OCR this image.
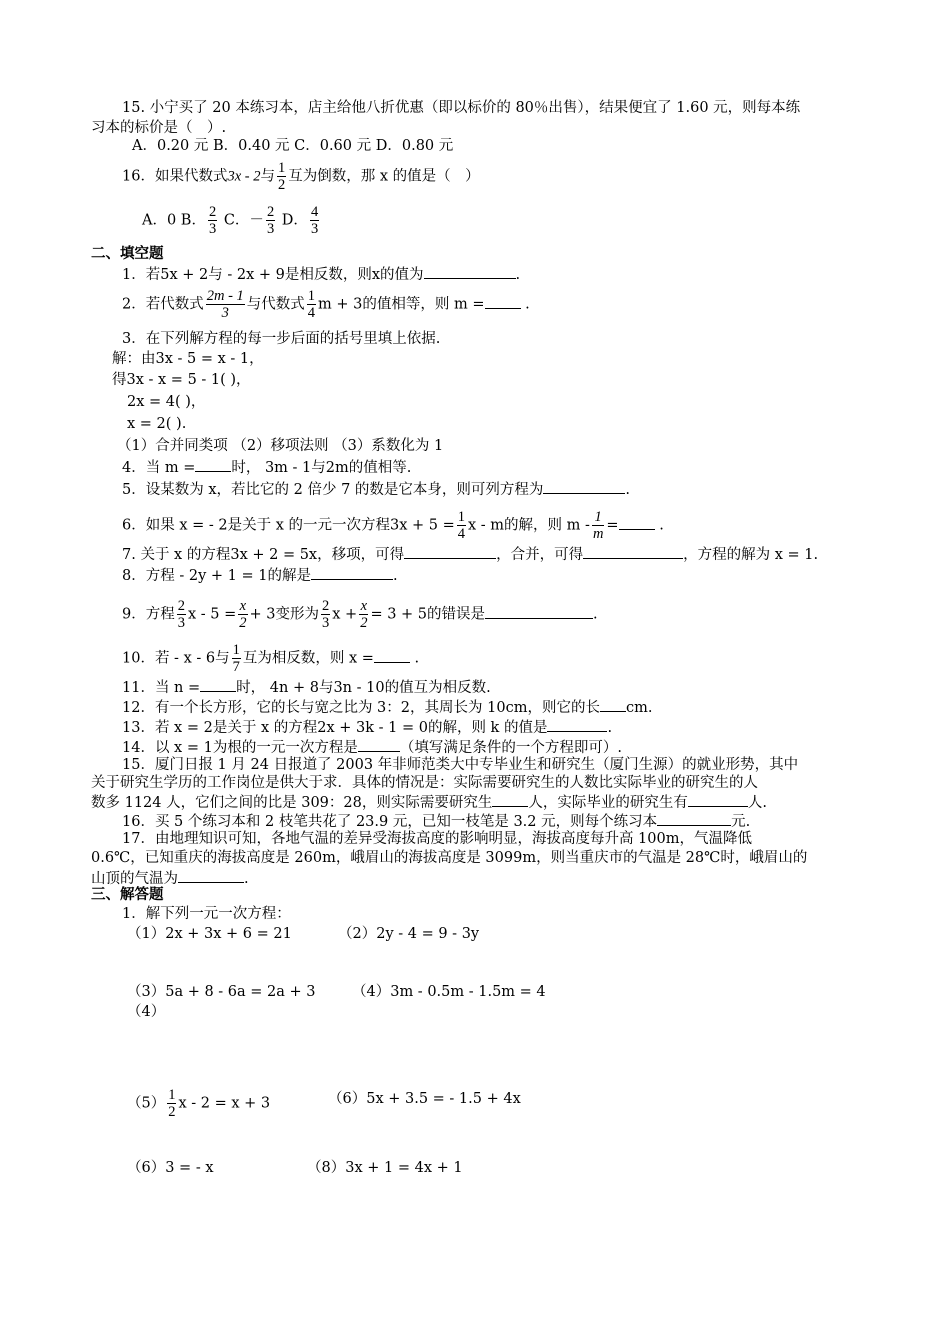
15. 小宁买了 20 本练习本，店主给他八折优惠（即以标价的 80％出售），结果便宜了 1.60 元，则每本练
习本的标价是（　）.
A．0.20 元 B．0.40 元 C．0.60 元 D．0.80 元
16．如果代数式3x - 2与 $\frac{1}{2}$ 互为倒数，那 x 的值是（　）
A．0 B． $\frac{2}{3}$ C．－ $\frac{2}{3}$ D． $\frac{4}{3}$
二、填空题
1．若5x + 2与 - 2x + 9是相反数，则x的值为	.
2．若代数式 $\frac{2m - 1}{3}$ 与代数式 $\frac{1}{4}$ m + 3的值相等，则 m =	.
3．在下列解方程的每一步后面的括号里填上依据.
解：由3x - 5 = x - 1，
得3x - x = 5 - 1( )，
2x = 4( )，
x = 2( ).
（1）合并同类项 （2）移项法则 （3）系数化为 1
4．当 m = 时， 3m - 1与2m的值相等.
5．设某数为 x，若比它的 2 倍少 7 的数是它本身，则可列方程为	.
6．如果 x = - 2是关于 x 的一元一次方程$3x + 5 = \frac{1}{4}$ x - m的解，则 m - $\frac{1}{m}$ =	.
7. 关于 x 的方程3x + 2 = 5x，移项，可得	，合并，可得	，方程的解为 x = 1.
8．方程 - 2y + 1 = 1的解是	.
9．方程 $\frac{2}{3}$ $x - 5 = \frac{x}{2} + 3$变形为 $\frac{2}{3}$ $x + \frac{x}{2} = 3 + 5$的错误是	.
10．若 - x - 6与 $\frac{1}{7}$ 互为相反数，则 x =	.
11．当 n = 时， 4n + 8与3n - 10的值互为相反数.
12．有一个长方形，它的长与宽之比为 3：2，其周长为 10cm，则它的长 cm.
13．若 x = 2是关于 x 的方程2x + 3k - 1 = 0的解，则 k 的值是	.
14．以 x = 1为根的一元一次方程是	（填写满足条件的一个方程即可）.
15．厦门日报 1 月 24 日报道了 2003 年非师范类大中专毕业生和研究生（厦门生源）的就业形势，其中
关于研究生学历的工作岗位是供大于求．具体的情况是：实际需要研究生的人数比实际毕业的研究生的人
数多 1124 人，它们之间的比是 309：28，则实际需要研究生 人，实际毕业的研究生有	人.
16．买 5 个练习本和 2 枝笔共花了 23.9 元，已知一枝笔是 3.2 元，则每个练习本	元.
17．由地理知识可知，各地气温的差异受海拔高度的影响明显，海拔高度每升高 100m，气温降低
0.6℃，已知重庆的海拔高度是 260m，峨眉山的海拔高度是 3099m，则当重庆市的气温是 28℃时，峨眉山的
山顶的气温为	.
三、解答题
1．解下列一元一次方程：
（1）2x + 3x + 6 = 21	（2）2y - 4 = 9 - 3y
（3）5a + 8 - 6a = 2a + 3	（4）3m - 0.5m - 1.5m = 4
（4）
$(5) \frac{1}{2}$ x - 2 = x + 3	（6）5x + 3.5 = - 1.5 + 4x
（6）3 = - x	（8）3x + 1 = 4x + 1
